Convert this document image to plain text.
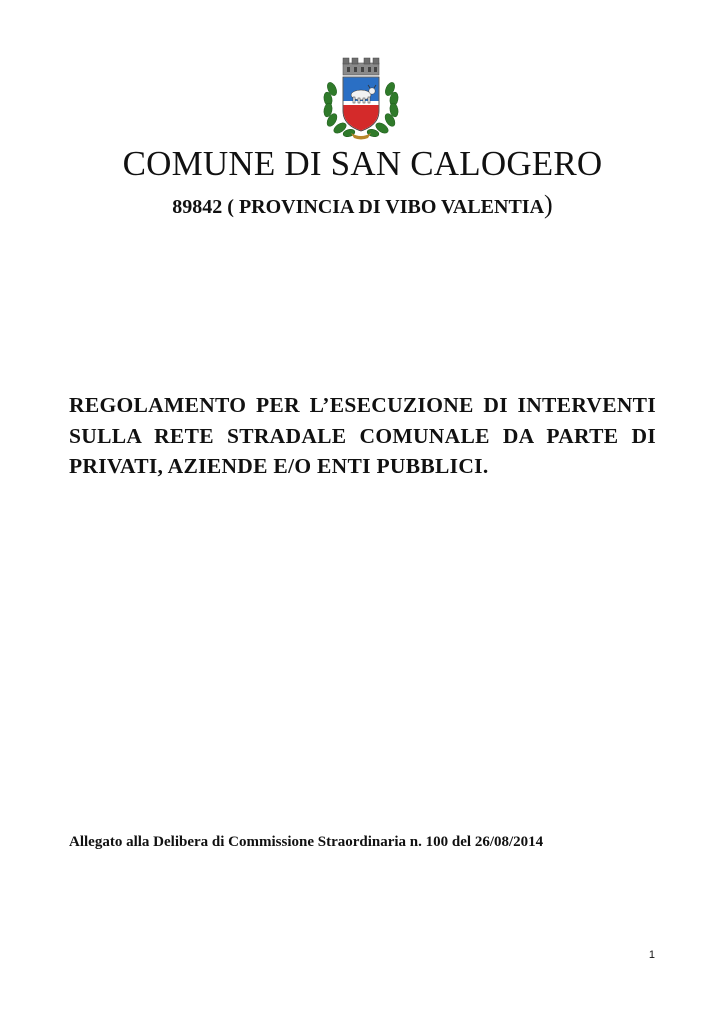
COMUNE DI SAN CALOGERO

89842 ( PROVINCIA DI VIBO VALENTIA)

REGOLAMENTO PER L’ESECUZIONE DI INTERVENTI SULLA RETE STRADALE COMUNALE DA PARTE DI PRIVATI, AZIENDE E/O ENTI PUBBLICI.

Allegato alla Delibera di Commissione Straordinaria n. 100 del 26/08/2014

1
